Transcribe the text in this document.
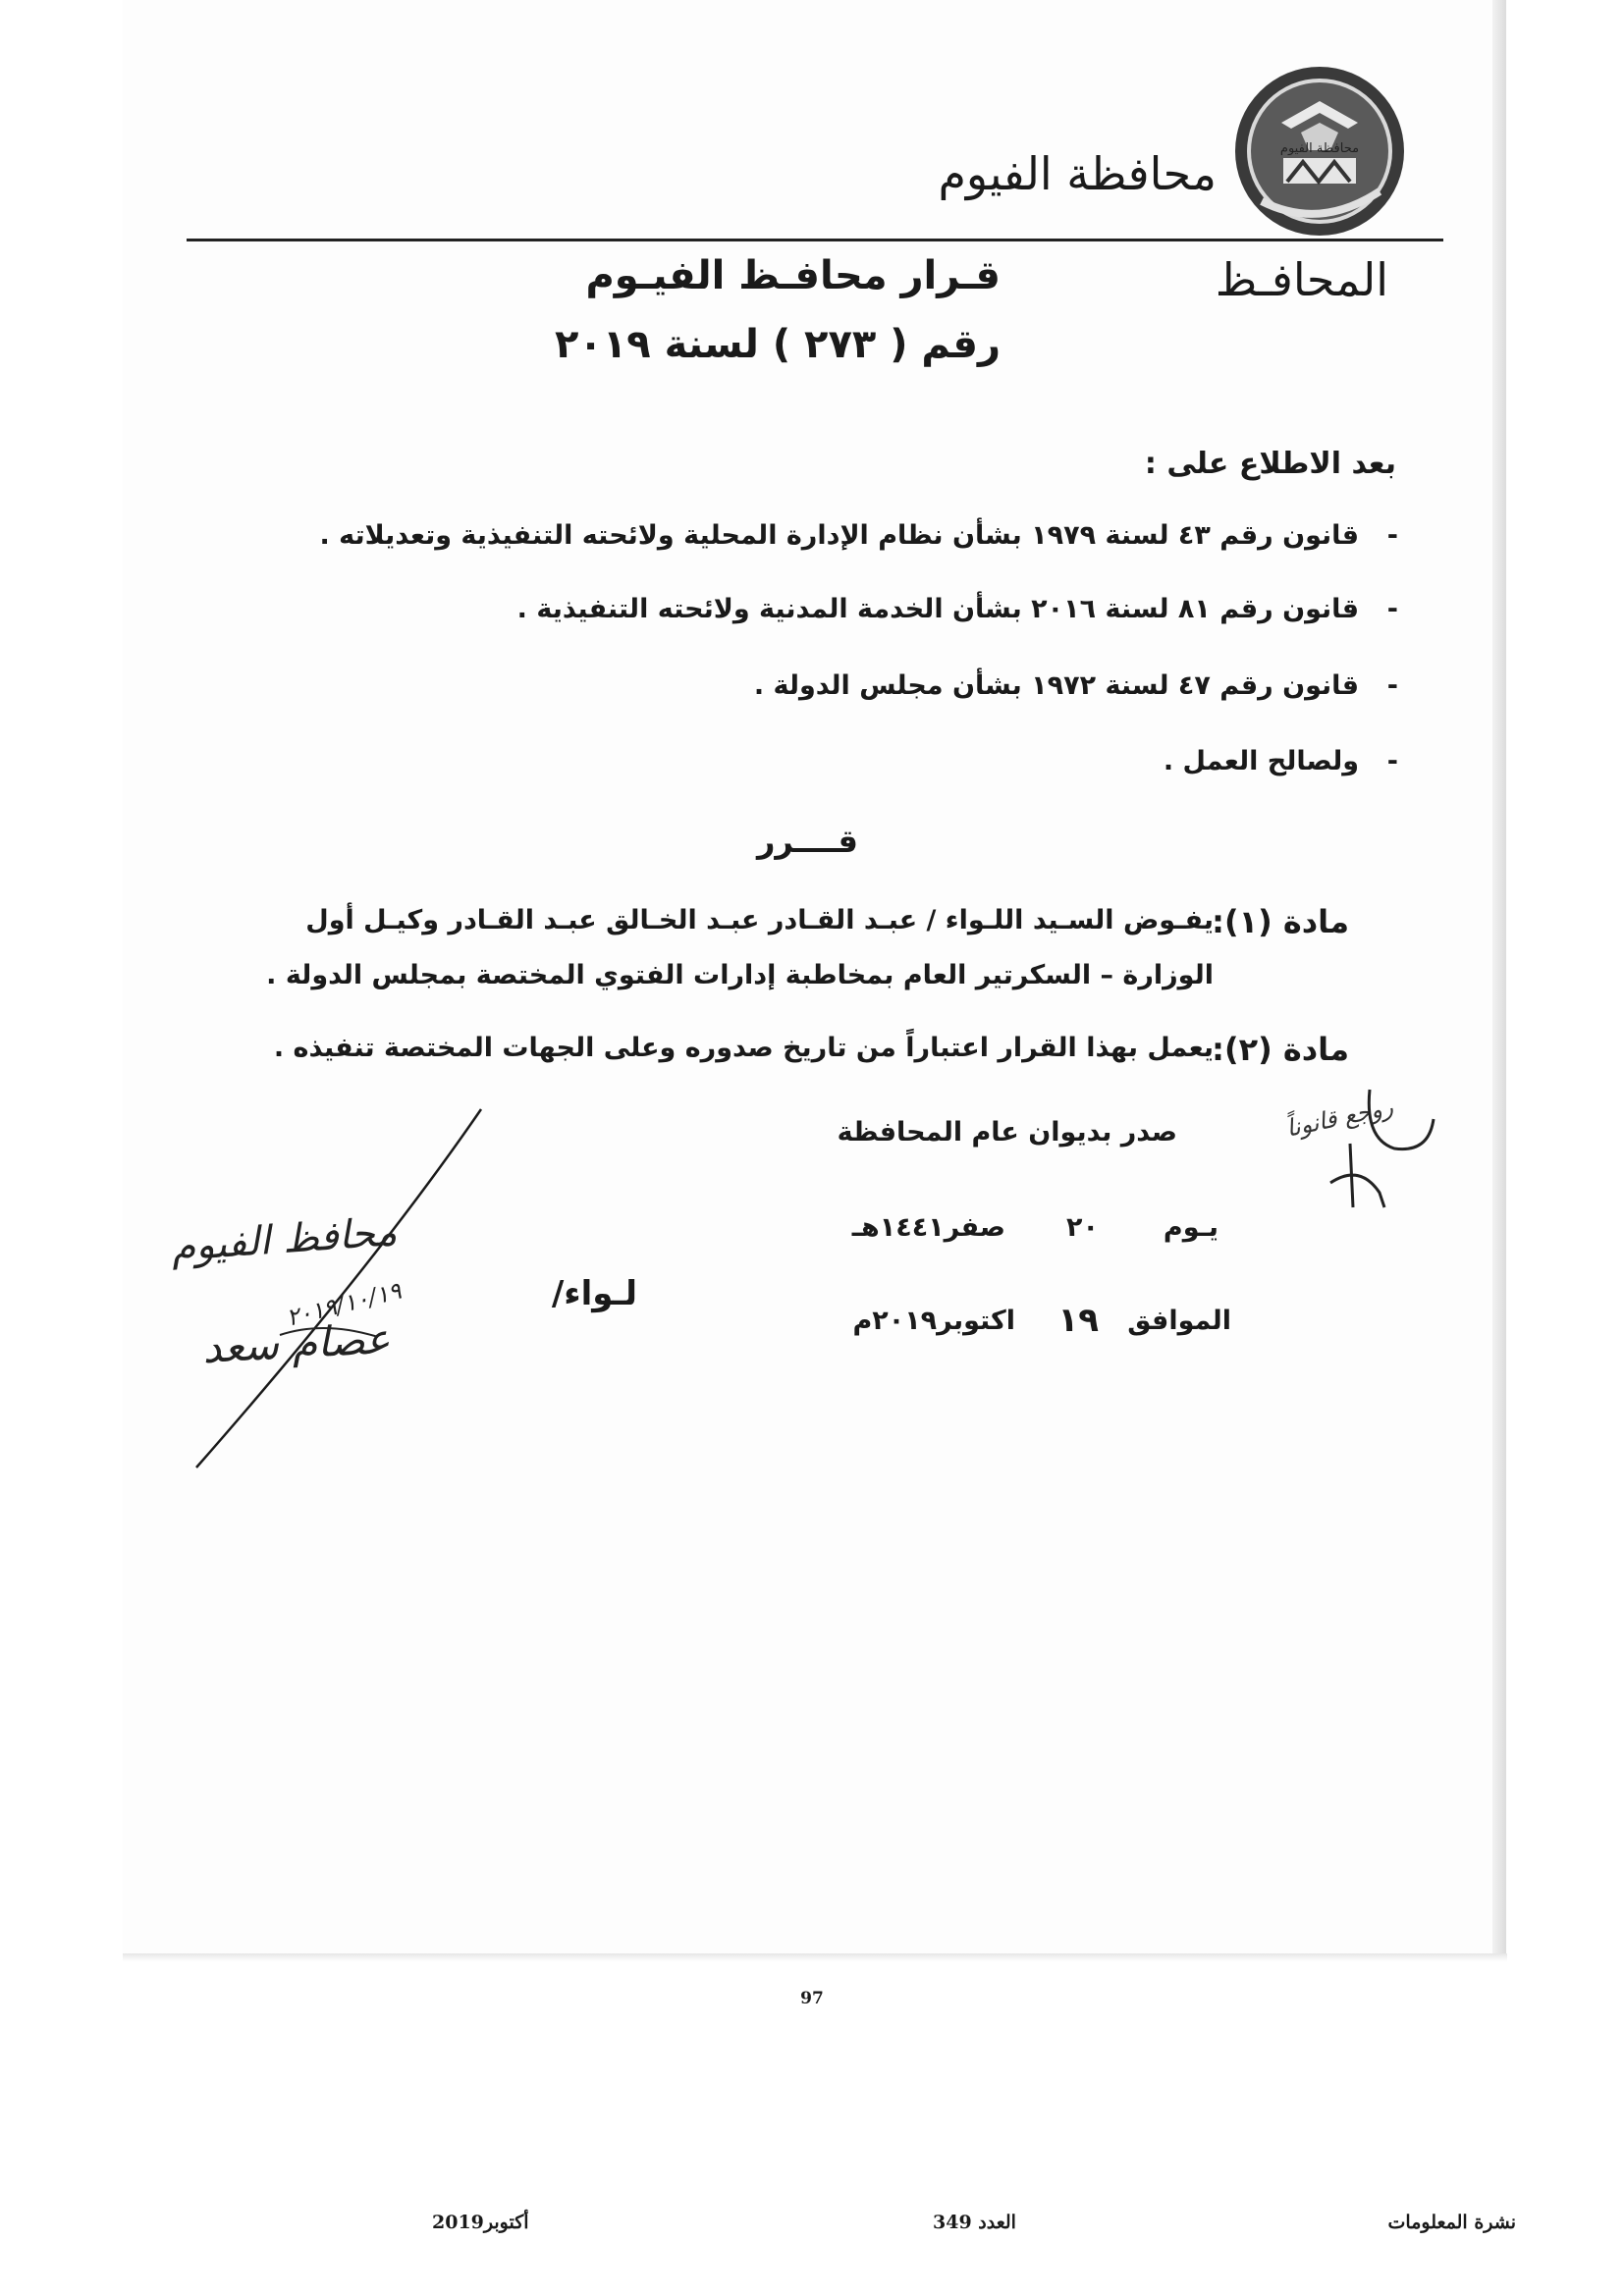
محافظة الفيوم
محافظة الفيوم
المحافـظ
قـرار محافـظ الفيـوم
رقم ( ٢٧٣ ) لسنة ٢٠١٩
بعد الاطلاع على :
-
قانون رقم ٤٣ لسنة ١٩٧٩ بشأن نظام الإدارة المحلية ولائحته التنفيذية وتعديلاته .
-
قانون رقم ٨١ لسنة ٢٠١٦ بشأن الخدمة المدنية ولائحته التنفيذية .
-
قانون رقم ٤٧ لسنة ١٩٧٢ بشأن مجلس الدولة .
-
ولصالح العمل .
قــــرر
مادة (١):
يفـوض السـيد اللـواء / عبـد القـادر عبـد الخـالق عبـد القـادر وكيـل أول
الوزارة – السكرتير العام بمخاطبة إدارات الفتوي المختصة بمجلس الدولة .
مادة (٢):
يعمل بهذا القرار اعتباراً من تاريخ صدوره وعلى الجهات المختصة تنفيذه .
روجع قانوناً
صدر بديوان عام المحافظة
يـوم
٢٠
صفر١٤٤١هـ
الموافق
١٩
اكتوبر٢٠١٩م
محافظ الفيوم
٢٠١٩/١٠/١٩
عصام سعد
لـواء/
97
نشرة المعلومات
العدد 349
أكتوبر2019
